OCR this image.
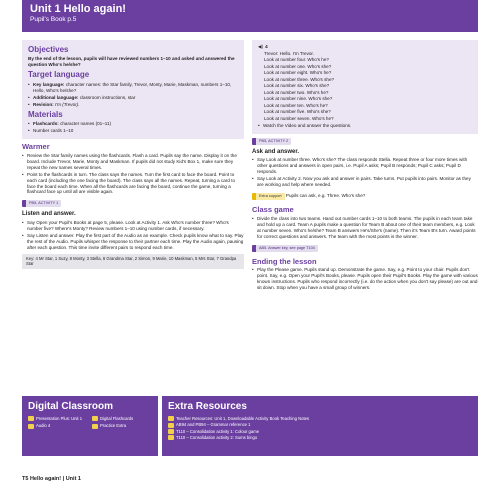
Unit 1 Hello again!
Pupil's Book p.5
Objectives

By the end of the lesson, pupils will have reviewed numbers 1–10 and asked and answered the question Who's he/she?

Target language
• Key language: character names: the Star family, Trevor, Monty, Marie, Maskman, numbers 1–10, Hello, Who's he/she?
• Additional language: classroom instructions, star
• Revision: I'm (Trevor).
Materials
• Flashcards: character names (01–11)
• Number cards 1–10
Warmer
• Review the Star family names using the flashcards. Flash a card. Pupils say the name. Display it on the board. Include Trevor, Marie, Monty and Maskman. If pupils did not study Kid's Box 1, make sure they repeat the new names several times.
• Point to the flashcards in turn. The class says the names. Turn the first card to face the board. Point to each card (including the one facing the board). The class says all the names. Repeat, turning a card to face the board each time. When all the flashcards are facing the board, continue the game, turning a flashcard face up until all are visible again.
PB5, ACTIVITY 1
Listen and answer.
• Say Open your Pupil's Books at page 5, please. Look at Activity 1. Ask Who's number three? Who's number five? Where's Monty? Review numbers 1–10 using number cards, if necessary.
• Say Listen and answer. Play the first part of the Audio as an example. Check pupils know what to say. Play the rest of the Audio. Pupils whisper the response to their partner each time. Play the Audio again, pausing after each question. This time invite different pairs to respond each time.
Key: 4 Mr Star, 1 Suzy, 8 Monty, 3 Stella, 6 Grandma Star, 2 Simon, 9 Marie, 10 Maskman, 5 Mrs Star, 7 Grandpa Star
◀) 4

Trevor: Hello. I'm Trevor.

Look at number four. Who's he?

Look at number one. Who's she?

Look at number eight. Who's he?

Look at number three. Who's she?

Look at number six. Who's she?

Look at number two. Who's he?

Look at number nine. Who's she?

Look at number ten. Who's he?

Look at number five. Who's she?

Look at number seven. Who's he?

• Watch the Video and answer the questions.
PB5, ACTIVITY 2
Ask and answer.
• Say Look at number three. Who's she? The class responds Stella. Repeat three or four more times with other questions and answers in open pairs, i.e. Pupil A asks; Pupil B responds; Pupil C asks; Pupil D responds.
• Say Look at Activity 2. Now you ask and answer in pairs. Take turns. Put pupils into pairs. Monitor as they are working and help where needed.
Extra support Pupils can ask, e.g. Three. Who's she?
Class game
• Divide the class into two teams. Hand out number cards 1–10 to both teams. The pupils in each team take and hold up a card. Team A pupils make a question for Team B about one of their team members, e.g. Look at number seven. Who's he/she? Team B answers He's/She's (name). Then it's Team B's turn. Award points for correct questions and answers. The team with the most points is the winner.
AB5. Answer key, see page T104
Ending the lesson
• Play the Please game. Pupils stand up. Demonstrate the game. Say, e.g. Point to your chair. Pupils don't point. Say, e.g. Open your Pupil's Books, please. Pupils open their Pupil's Books. Play the game with various known instructions. Pupils who respond incorrectly (i.e. do the action when you don't say please) are out and sit down. Stop when you have a small group of winners.
Digital Classroom
Presentation Plus: Unit 1	Digital Flashcards
Audio 4	Practice Extra
Extra Resources
Teacher Resources: Unit 1, Downloadable Activity Book Teaching Notes
AB94 and PB94 – Grammar reference 1
T110 – Consolidation activity 1: Colour game
T110 – Consolidation activity 2: Sums bingo
T5 Hello again! | Unit 1
